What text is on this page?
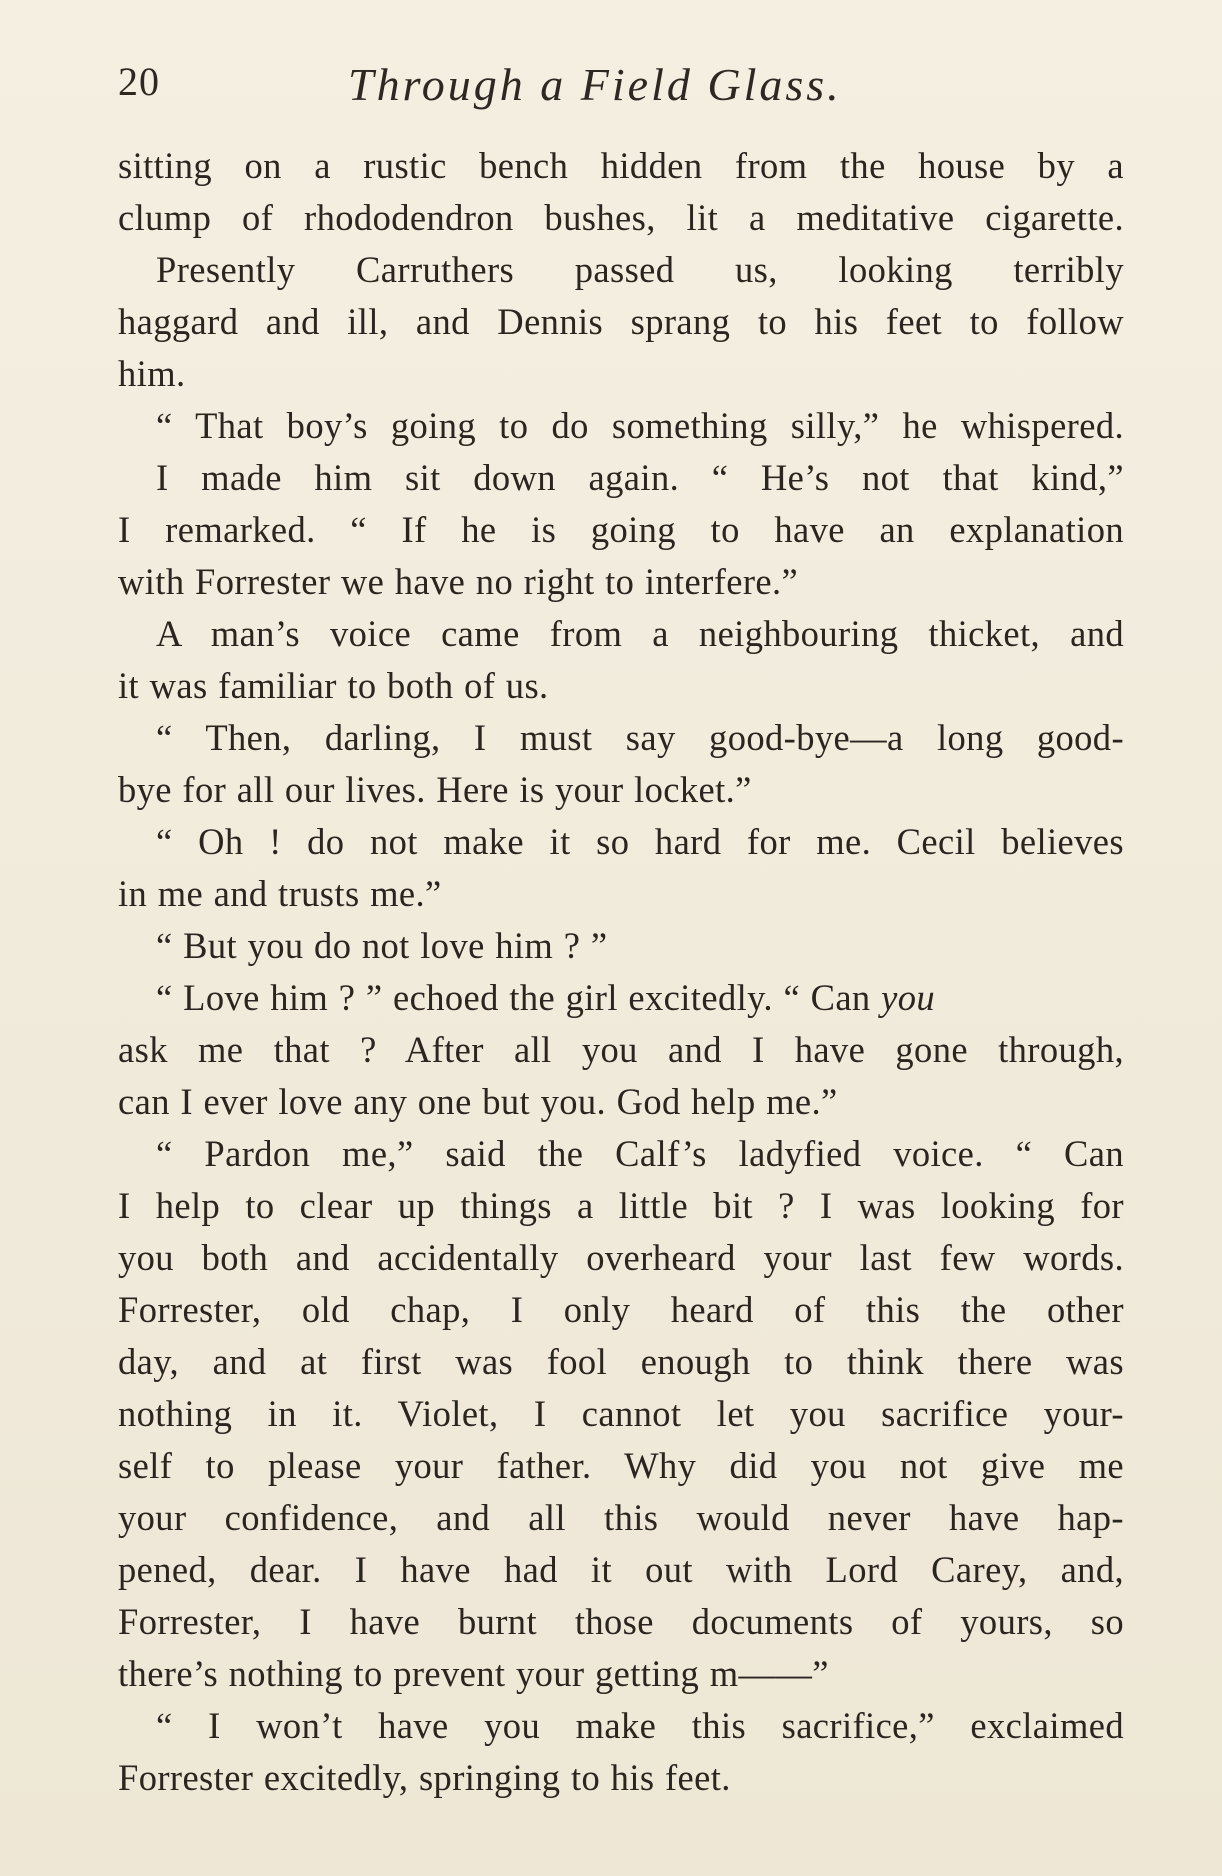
20	Through a Field Glass.
sitting on a rustic bench hidden from the house by a
clump of rhododendron bushes, lit a meditative cigarette.
Presently Carruthers passed us, looking terribly
haggard and ill, and Dennis sprang to his feet to follow
him.
“ That boy’s going to do something silly,” he whispered.
I made him sit down again. “ He’s not that kind,”
I remarked. “ If he is going to have an explanation
with Forrester we have no right to interfere.”
A man’s voice came from a neighbouring thicket, and
it was familiar to both of us.
“ Then, darling, I must say good-bye—a long good-
bye for all our lives. Here is your locket.”
“ Oh ! do not make it so hard for me. Cecil believes
in me and trusts me.”
“ But you do not love him ? ”
“ Love him ? ” echoed the girl excitedly. “ Can you
ask me that ? After all you and I have gone through,
can I ever love any one but you. God help me.”
“ Pardon me,” said the Calf’s ladyfied voice. “ Can
I help to clear up things a little bit ? I was looking for
you both and accidentally overheard your last few words.
Forrester, old chap, I only heard of this the other
day, and at first was fool enough to think there was
nothing in it. Violet, I cannot let you sacrifice your-
self to please your father. Why did you not give me
your confidence, and all this would never have hap-
pened, dear. I have had it out with Lord Carey, and,
Forrester, I have burnt those documents of yours, so
there’s nothing to prevent your getting m——”
“ I won’t have you make this sacrifice,” exclaimed
Forrester excitedly, springing to his feet.
